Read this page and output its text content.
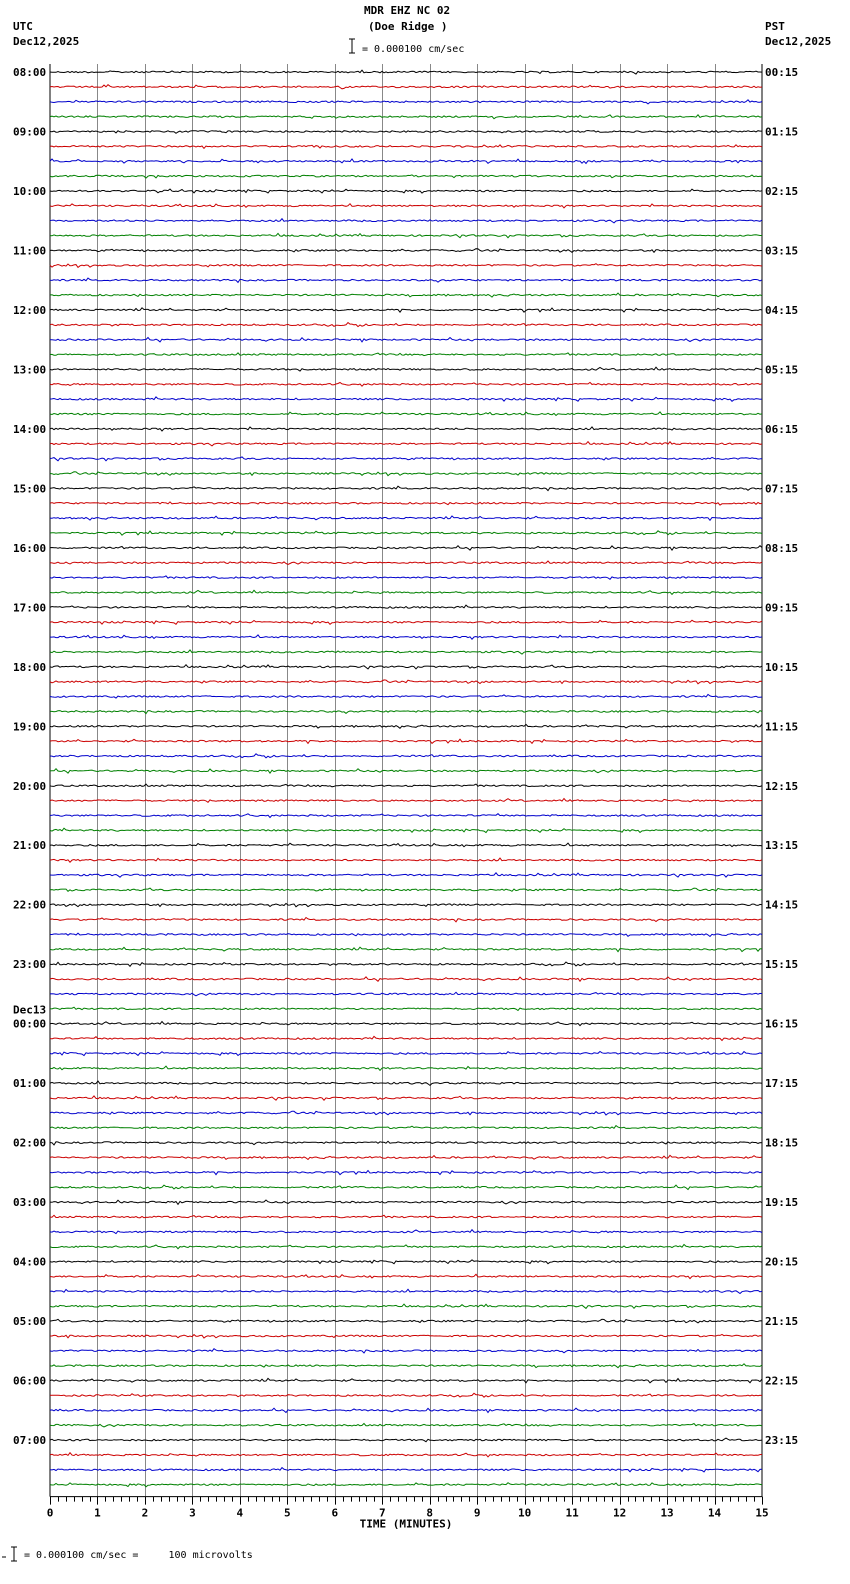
MDR EHZ NC 02
(Doe Ridge )
UTC
Dec12,2025
PST
Dec12,2025
= 0.000100 cm/sec
08:00
09:00
10:00
11:00
12:00
13:00
14:00
15:00
16:00
17:00
18:00
19:00
20:00
21:00
22:00
23:00
00:00
Dec13
01:00
02:00
03:00
04:00
05:00
06:00
07:00
00:15
01:15
02:15
03:15
04:15
05:15
06:15
07:15
08:15
09:15
10:15
11:15
12:15
13:15
14:15
15:15
16:15
17:15
18:15
19:15
20:15
21:15
22:15
23:15
0	1	2	3	4	5	6	7	8	9	10	11	12	13	14	15
TIME (MINUTES)
= 0.000100 cm/sec =     100 microvolts
